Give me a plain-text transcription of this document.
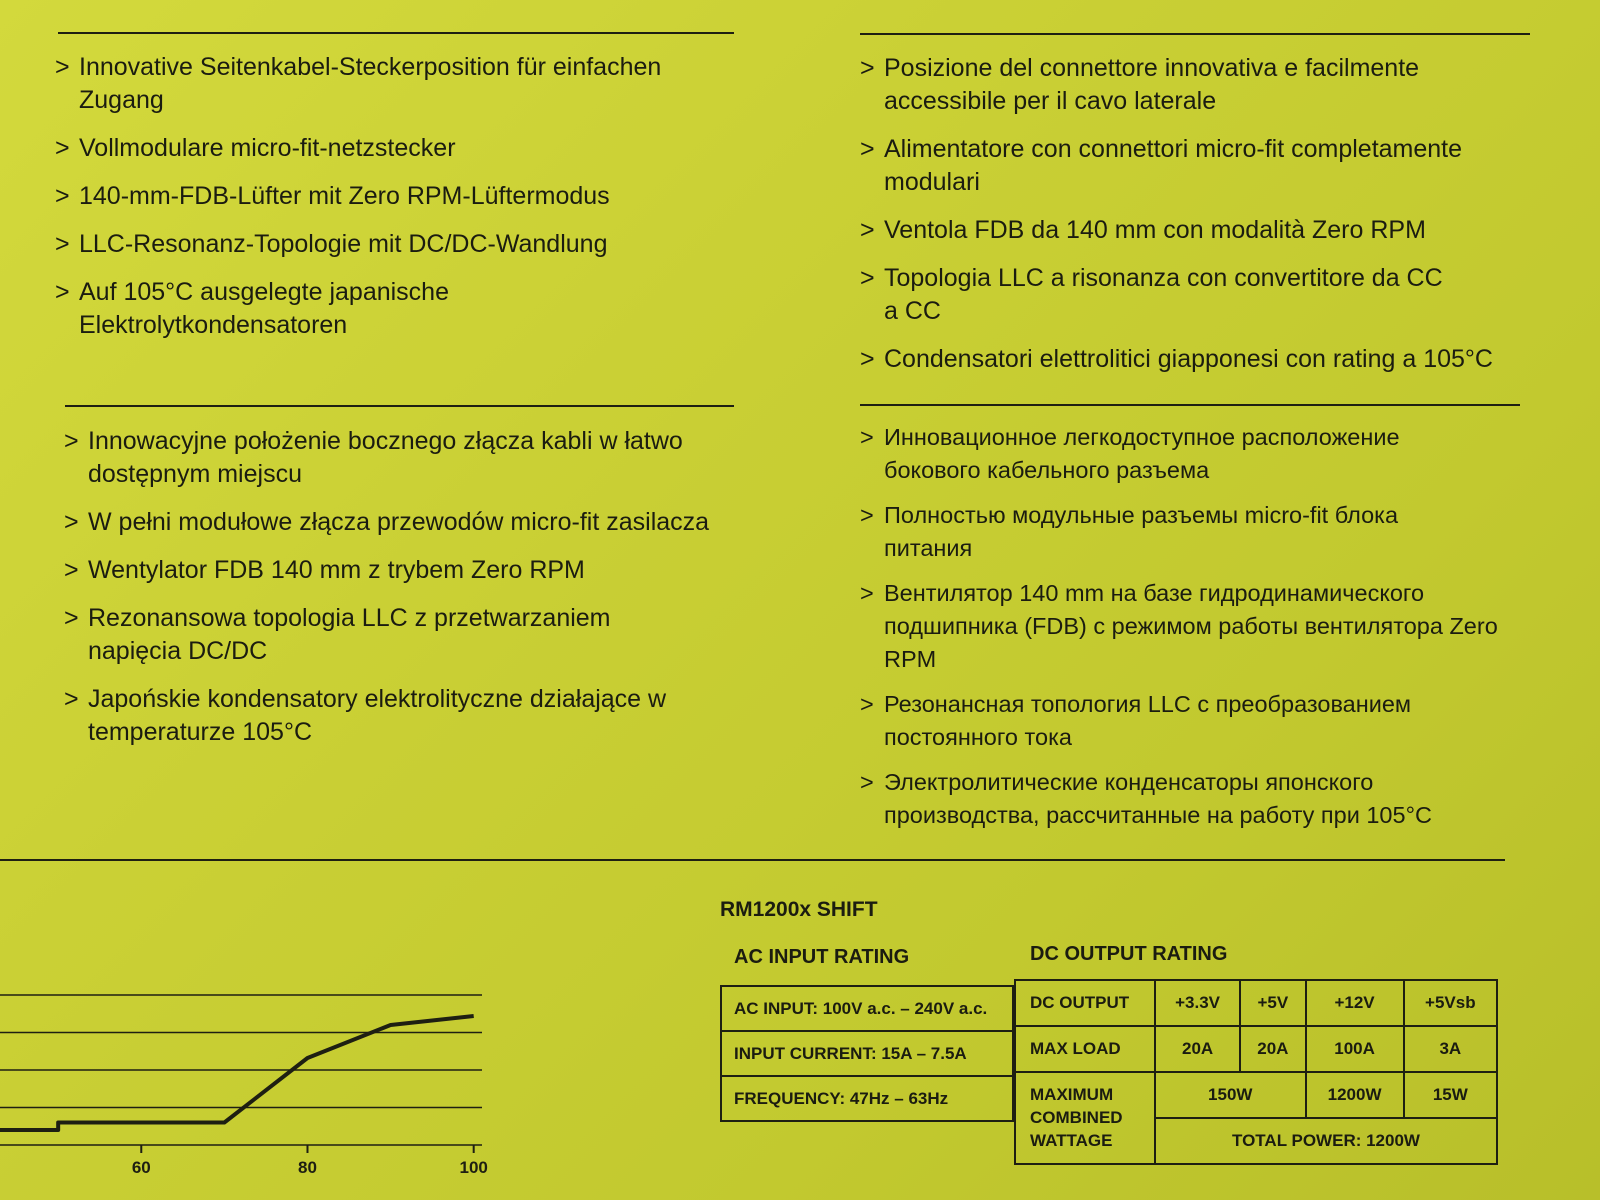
> Innovative Seitenkabel-Steckerposition für einfachen Zugang
> Vollmodulare micro-fit-netzstecker
> 140-mm-FDB-Lüfter mit Zero RPM-Lüftermodus
> LLC-Resonanz-Topologie mit DC/DC-Wandlung
> Auf 105°C ausgelegte japanische Elektrolytkondensatoren
> Posizione del connettore innovativa e facilmente accessibile per il cavo laterale
> Alimentatore con connettori micro-fit completamente modulari
> Ventola FDB da 140 mm con modalità Zero RPM
> Topologia LLC a risonanza con convertitore da CC a CC
> Condensatori elettrolitici giapponesi con rating a 105°C
> Innowacyjne położenie bocznego złącza kabli w łatwo dostępnym miejscu
> W pełni modułowe złącza przewodów micro-fit zasilacza
> Wentylator FDB 140 mm z trybem Zero RPM
> Rezonansowa topologia LLC z przetwarzaniem napięcia DC/DC
> Japońskie kondensatory elektrolityczne działające w temperaturze 105°C
> Инновационное легкодоступное расположение бокового кабельного разъема
> Полностью модульные разъемы micro-fit блока питания
> Вентилятор 140 mm на базе гидродинамического подшипника (FDB) с режимом работы вентилятора Zero RPM
> Резонансная топология LLC с преобразованием постоянного тока
> Электролитические конденсаторы японского производства, рассчитанные на работу при 105°C
RM1200x SHIFT
AC INPUT RATING	DC OUTPUT RATING
AC INPUT: 100V a.c. – 240V a.c.
INPUT CURRENT: 15A – 7.5A
FREQUENCY: 47Hz – 63Hz
DC OUTPUT	+3.3V	+5V	+12V	+5Vsb
MAX LOAD	20A	20A	100A	3A
MAXIMUM
COMBINED
WATTAGE	150W		1200W	15W
	TOTAL POWER: 1200W			
60	80	100
